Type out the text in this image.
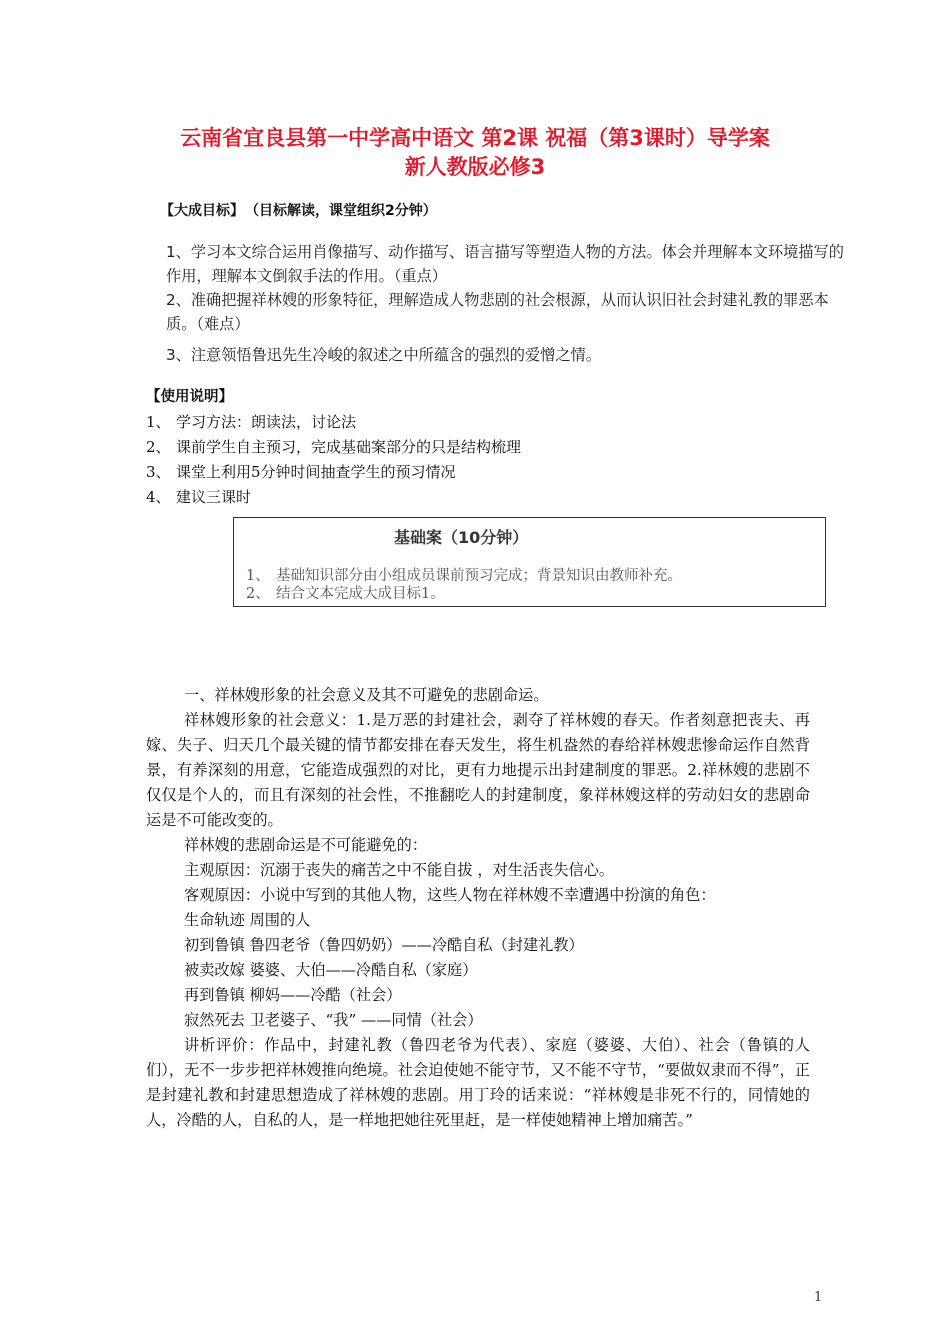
云南省宜良县第一中学高中语文 第2课 祝福（第3课时）导学案
新人教版必修3
【大成目标】 （目标解读，课堂组织2分钟）

1、学习本文综合运用肖像描写、动作描写、语言描写等塑造人物的方法。体会并理解本文环境描写的作用，理解本文倒叙手法的作用。（重点）

2、准确把握祥林嫂的形象特征，理解造成人物悲剧的社会根源，从而认识旧社会封建礼教的罪恶本质。（难点）

3、注意领悟鲁迅先生冷峻的叙述之中所蕴含的强烈的爱憎之情。

【使用说明】

1、 学习方法：朗读法，讨论法

2、 课前学生自主预习，完成基础案部分的只是结构梳理

3、 课堂上利用5分钟时间抽查学生的预习情况

4、 建议三课时

基础案（10分钟）

1、 基础知识部分由小组成员课前预习完成；背景知识由教师补充。

2、 结合文本完成大成目标1。

一、祥林嫂形象的社会意义及其不可避免的悲剧命运。

祥林嫂形象的社会意义：1.是万恶的封建社会，剥夺了祥林嫂的春天。作者刻意把丧夫、再嫁、失子、归天几个最关键的情节都安排在春天发生，将生机盎然的春给祥林嫂悲惨命运作自然背景，有养深刻的用意，它能造成强烈的对比，更有力地提示出封建制度的罪恶。2.祥林嫂的悲剧不仅仅是个人的，而且有深刻的社会性，不推翻吃人的封建制度，象祥林嫂这样的劳动妇女的悲剧命运是不可能改变的。

祥林嫂的悲剧命运是不可能避免的：

主观原因：沉溺于丧失的痛苦之中不能自拔 ，对生活丧失信心。

客观原因：小说中写到的其他人物，这些人物在祥林嫂不幸遭遇中扮演的角色：

生命轨迹 周围的人

初到鲁镇 鲁四老爷（鲁四奶奶）——冷酷自私（封建礼教）

被卖改嫁 婆婆、大伯——冷酷自私（家庭）

再到鲁镇 柳妈——冷酷（社会）

寂然死去 卫老婆子、“我” ——同情（社会）

讲析评价：作品中，封建礼教（鲁四老爷为代表）、家庭（婆婆、大伯）、社会（鲁镇的人们），无不一步步把祥林嫂推向绝境。社会迫使她不能守节，又不能不守节，“要做奴隶而不得”，正是封建礼教和封建思想造成了祥林嫂的悲剧。用丁玲的话来说：“祥林嫂是非死不行的，同情她的人，冷酷的人，自私的人，是一样地把她往死里赶，是一样使她精神上增加痛苦。”

1
